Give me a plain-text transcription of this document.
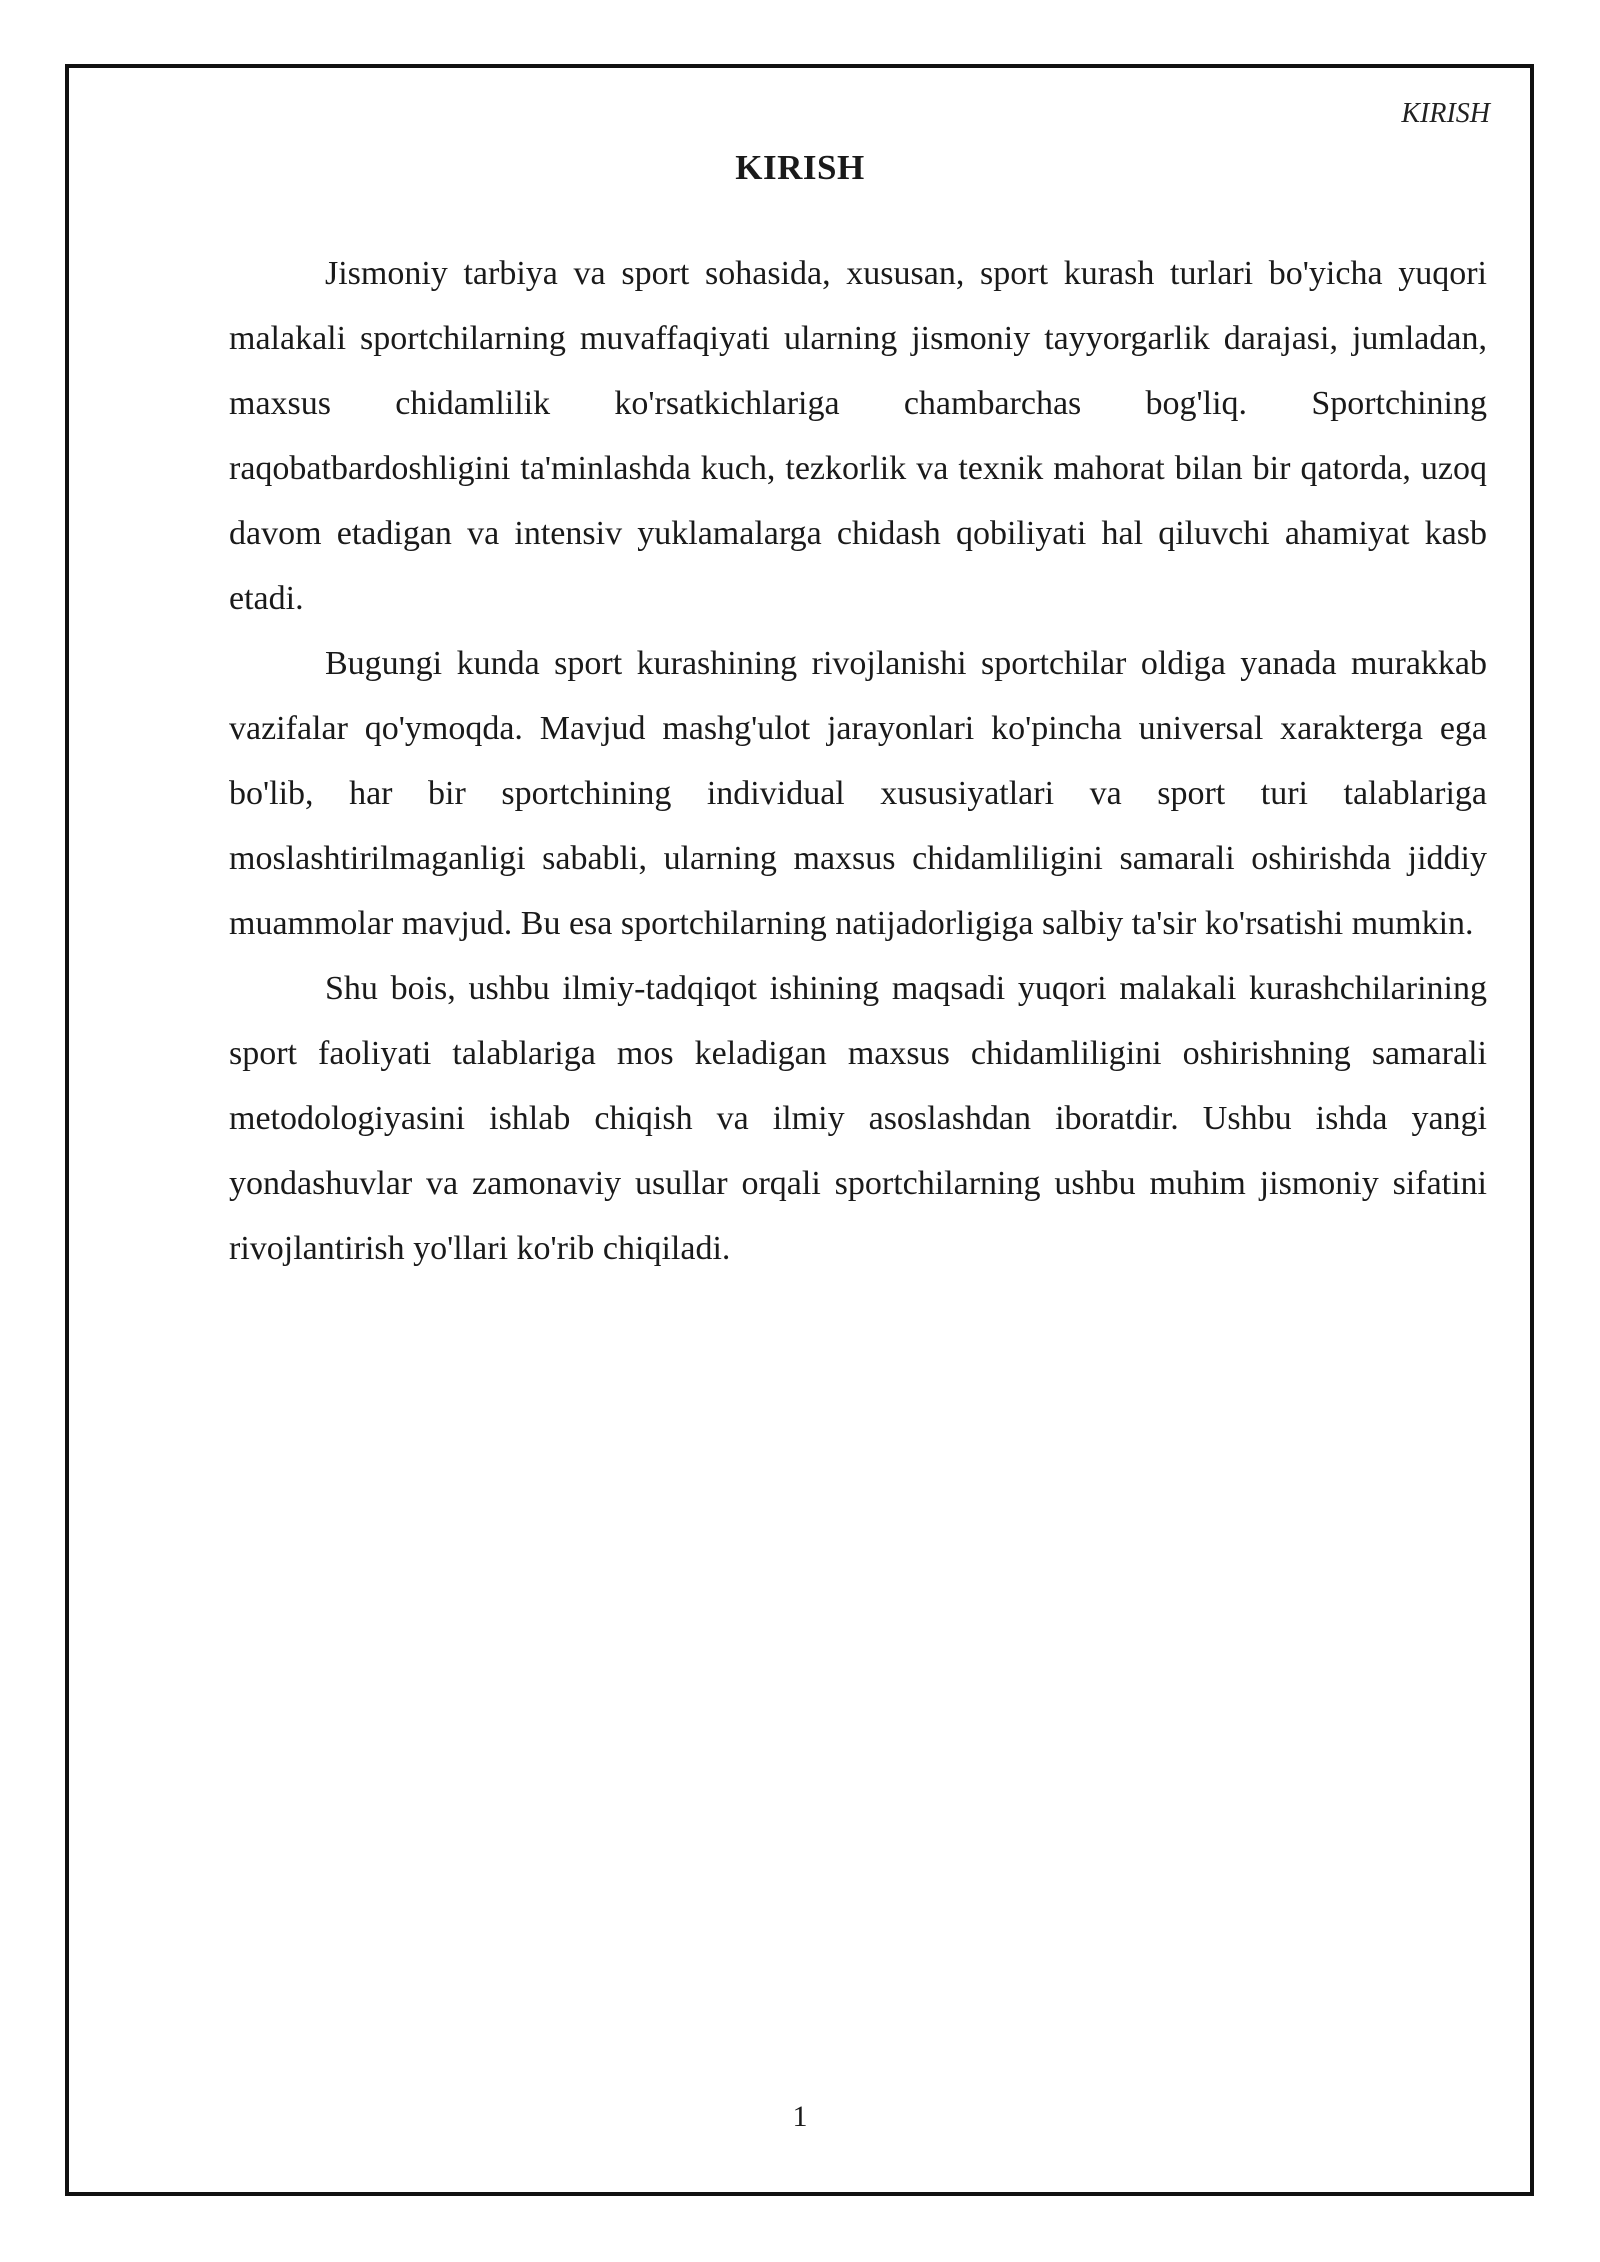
KIRISH

KIRISH

Jismoniy tarbiya va sport sohasida, xususan, sport kurash turlari bo'yicha yuqori malakali sportchilarning muvaffaqiyati ularning jismoniy tayyorgarlik darajasi, jumladan, maxsus chidamlilik ko'rsatkichlariga chambarchas bog'liq. Sportchining raqobatbardoshligini ta'minlashda kuch, tezkorlik va texnik mahorat bilan bir qatorda, uzoq davom etadigan va intensiv yuklamalarga chidash qobiliyati hal qiluvchi ahamiyat kasb etadi.

Bugungi kunda sport kurashining rivojlanishi sportchilar oldiga yanada murakkab vazifalar qo'ymoqda. Mavjud mashg'ulot jarayonlari ko'pincha universal xarakterga ega bo'lib, har bir sportchining individual xususiyatlari va sport turi talablariga moslashtirilmaganligi sababli, ularning maxsus chidamliligini samarali oshirishda jiddiy muammolar mavjud. Bu esa sportchilarning natijadorligiga salbiy ta'sir ko'rsatishi mumkin.

Shu bois, ushbu ilmiy-tadqiqot ishining maqsadi yuqori malakali kurashchilarining sport faoliyati talablariga mos keladigan maxsus chidamliligini oshirishning samarali metodologiyasini ishlab chiqish va ilmiy asoslashdan iboratdir. Ushbu ishda yangi yondashuvlar va zamonaviy usullar orqali sportchilarning ushbu muhim jismoniy sifatini rivojlantirish yo'llari ko'rib chiqiladi.

1
